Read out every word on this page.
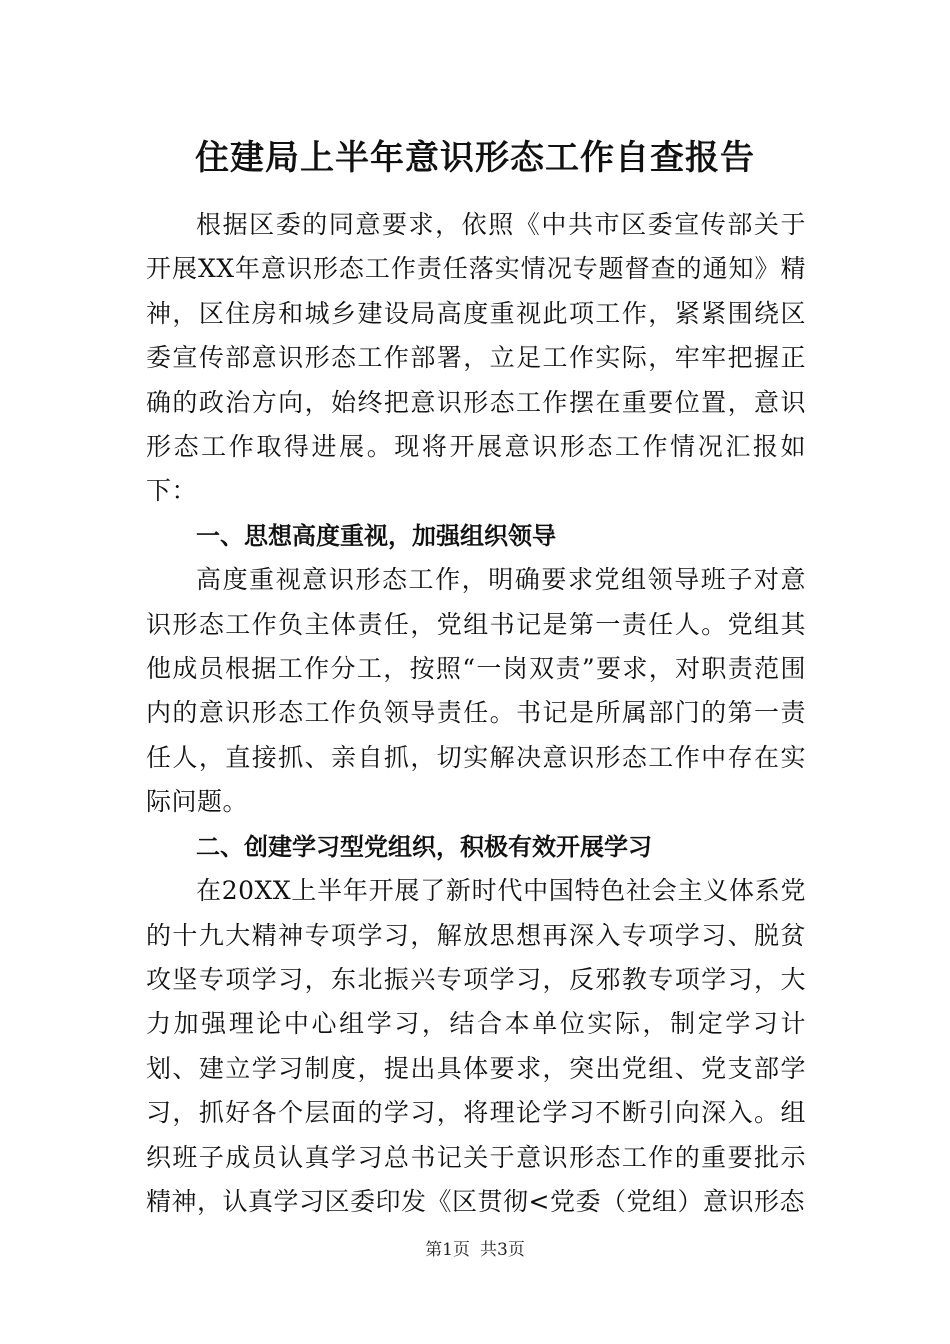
住建局上半年意识形态工作自查报告

根据区委的同意要求，依照《中共市区委宣传部关于开展XX年意识形态工作责任落实情况专题督查的通知》精神，区住房和城乡建设局高度重视此项工作，紧紧围绕区委宣传部意识形态工作部署，立足工作实际，牢牢把握正确的政治方向，始终把意识形态工作摆在重要位置，意识形态工作取得进展。现将开展意识形态工作情况汇报如下：

一、思想高度重视，加强组织领导

高度重视意识形态工作，明确要求党组领导班子对意识形态工作负主体责任，党组书记是第一责任人。党组其他成员根据工作分工，按照“一岗双责”要求，对职责范围内的意识形态工作负领导责任。书记是所属部门的第一责任人，直接抓、亲自抓，切实解决意识形态工作中存在实际问题。

二、创建学习型党组织，积极有效开展学习

在20XX上半年开展了新时代中国特色社会主义体系党的十九大精神专项学习，解放思想再深入专项学习、脱贫攻坚专项学习，东北振兴专项学习，反邪教专项学习，大力加强理论中心组学习，结合本单位实际，制定学习计划、建立学习制度，提出具体要求，突出党组、党支部学习，抓好各个层面的学习，将理论学习不断引向深入。组织班子成员认真学习总书记关于意识形态工作的重要批示精神，认真学习区委印发《区贯彻<党委（党组）意识形态

第1页 共3页
